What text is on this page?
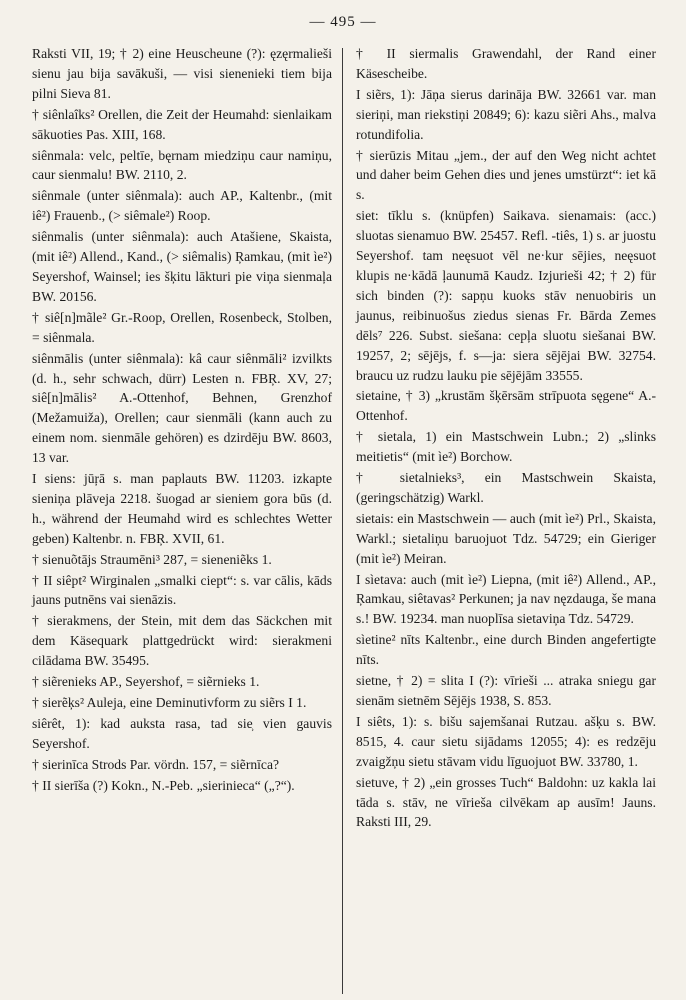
— 495 —
Raksti VII, 19; † 2) eine Heuscheune (?): ęzęrmalieši sienu jau bija savākuši, — visi sienenieki tiem bija pilni Sieva 81.
† siênlaîks² Orellen, die Zeit der Heumahd: sienlaikam sākuoties Pas. XIII, 168.
siênmala: velc, peltīe, bęrnam miedziņu caur namiņu, caur sienmalu! BW. 2110, 2.
siênmale (unter siênmala): auch AP., Kaltenbr., (mit iê²) Frauenb., (> siêmale²) Roop.
siênmalis (unter siênmala): auch Atašiene, Skaista, (mit iê²) Allend., Kand., (> siêmalis) Ŗamkau, (mit ìe²) Seyershof, Wainsel; ies šķitu lākturi pie viņa sienmaļa BW. 20156.
† siê[n]mãle² Gr.-Roop, Orellen, Rosenbeck, Stolben, = siênmala.
siênmālis (unter siênmala): kâ caur siênmāli² izvilkts (d. h., sehr schwach, dürr) Lesten n. FBŖ. XV, 27; siê[n]mālis² A.-Ottenhof, Behnen, Grenzhof (Mežamuiža), Orellen; caur sienmāli (kann auch zu einem nom. sienmāle gehören) es dzirdēju BW. 8603, 13 var.
I siens: jūŗā s. man paplauts BW. 11203. izkapte sieniņa plāveja 2218. šuogad ar sieniem gora būs (d. h., während der Heumahd wird es schlechtes Wetter geben) Kaltenbr. n. FBŖ. XVII, 61.
† sienuõtājs Straumēni³ 287, = sieneniẽks 1.
† II siêpt² Wirginalen „smalki ciept“: s. var cālis, kāds jauns putnēns vai sienāzis.
† sierakmens, der Stein, mit dem das Säckchen mit dem Käsequark plattgedrückt wird: sierakmeni cilādama BW. 35495.
† siẽrenieks AP., Seyershof, = siẽrnieks 1.
† sierẽķs² Auleja, eine Deminutivform zu siẽrs I 1.
siêrêt, 1): kad auksta rasa, tad sie̹ vien gauvis Seyershof.
† sierinīca Strods Par. vördn. 157, = siẽrnīca?
† II sierīša (?) Kokn., N.-Peb. „sierinieca“ („?“).
† II siermalis Grawendahl, der Rand einer Käsescheibe.
I siẽrs, 1): Jāņa sierus darināja BW. 32661 var. man sieriņi, man riekstiņi 20849; 6): kazu siẽri Ahs., malva rotundifolia.
† sierūzis Mitau „jem., der auf den Weg nicht achtet und daher beim Gehen dies und jenes umstürzt“: iet kā s.
siet: tīklu s. (knüpfen) Saikava. sienamais: (acc.) sluotas sienamuo BW. 25457. Refl. -tiês, 1) s. ar juostu Seyershof. tam neęsuot vēl ne·kur sējies, neęsuot klupis ne·kādā ļaunumā Kaudz. Izjurieši 42; † 2) für sich binden (?): sapņu kuoks stāv nenuobiris un jaunus, reibinuošus ziedus sienas Fr. Bārda Zemes dēls⁷ 226. Subst. siešana: cepļa sluotu siešanai BW. 19257, 2; sējējs, f. s—ja: siera sējējai BW. 32754. braucu uz rudzu lauku pie sējējām 33555.
sietaine, † 3) „krustām šķērsām strīpuota sęgene“ A.-Ottenhof.
† sietala, 1) ein Mastschwein Lubn.; 2) „slinks meitietis“ (mit ìe²) Borchow.
† sietalnieks³, ein Mastschwein Skaista, (geringschätzig) Warkl.
sietais: ein Mastschwein — auch (mit ìe²) Prl., Skaista, Warkl.; sietaliņu baruojuot Tdz. 54729; ein Gieriger (mit ìe²) Meiran.
I sìetava: auch (mit ìe²) Liepna, (mit iê²) Allend., AP., Ŗamkau, siêtavas² Perkunen; ja nav nęzdauga, še mana s.! BW. 19234. man nuoplīsa sietaviņa Tdz. 54729.
sìetine² nīts Kaltenbr., eine durch Binden angefertigte nīts.
sietne, † 2) = slita I (?): vīrieši ... atraka sniegu gar sienām sietnēm Sējējs 1938, S. 853.
I siêts, 1): s. bišu sajemšanai Rutzau. ašķu s. BW. 8515, 4. caur sietu sijādams 12055; 4): es redzēju zvaigžņu sietu stāvam vidu līguojuot BW. 33780, 1.
sietuve, † 2) „ein grosses Tuch“ Baldohn: uz kakla lai tāda s. stāv, ne vīrieša cilvēkam ap ausīm! Jauns. Raksti III, 29.
